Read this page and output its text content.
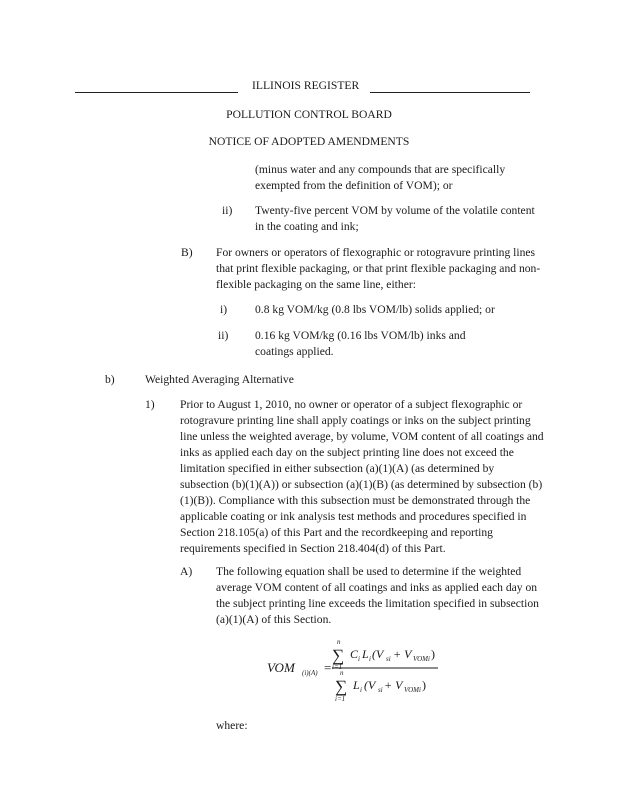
ILLINOIS REGISTER
POLLUTION CONTROL BOARD
NOTICE OF ADOPTED AMENDMENTS
(minus water and any compounds that are specifically exempted from the definition of VOM); or
ii) Twenty-five percent VOM by volume of the volatile content in the coating and ink;
B) For owners or operators of flexographic or rotogravure printing lines that print flexible packaging, or that print flexible packaging and non-flexible packaging on the same line, either:
i) 0.8 kg VOM/kg (0.8 lbs VOM/lb) solids applied; or
ii) 0.16 kg VOM/kg (0.16 lbs VOM/lb) inks and coatings applied.
b)	Weighted Averaging Alternative
1) Prior to August 1, 2010, no owner or operator of a subject flexographic or rotogravure printing line shall apply coatings or inks on the subject printing line unless the weighted average, by volume, VOM content of all coatings and inks as applied each day on the subject printing line does not exceed the limitation specified in either subsection (a)(1)(A) (as determined by subsection (b)(1)(A)) or subsection (a)(1)(B) (as determined by subsection (b)(1)(B)). Compliance with this subsection must be demonstrated through the applicable coating or ink analysis test methods and procedures specified in Section 218.105(a) of this Part and the recordkeeping and reporting requirements specified in Section 218.404(d) of this Part.
A) The following equation shall be used to determine if the weighted average VOM content of all coatings and inks as applied each day on the subject printing line exceeds the limitation specified in subsection (a)(1)(A) of this Section.
VOM (i)(A) =
n
∑
i=1
C i L i (V si + V VOMi )
n
∑
i=1
L i (V si + V VOMi )
where:
